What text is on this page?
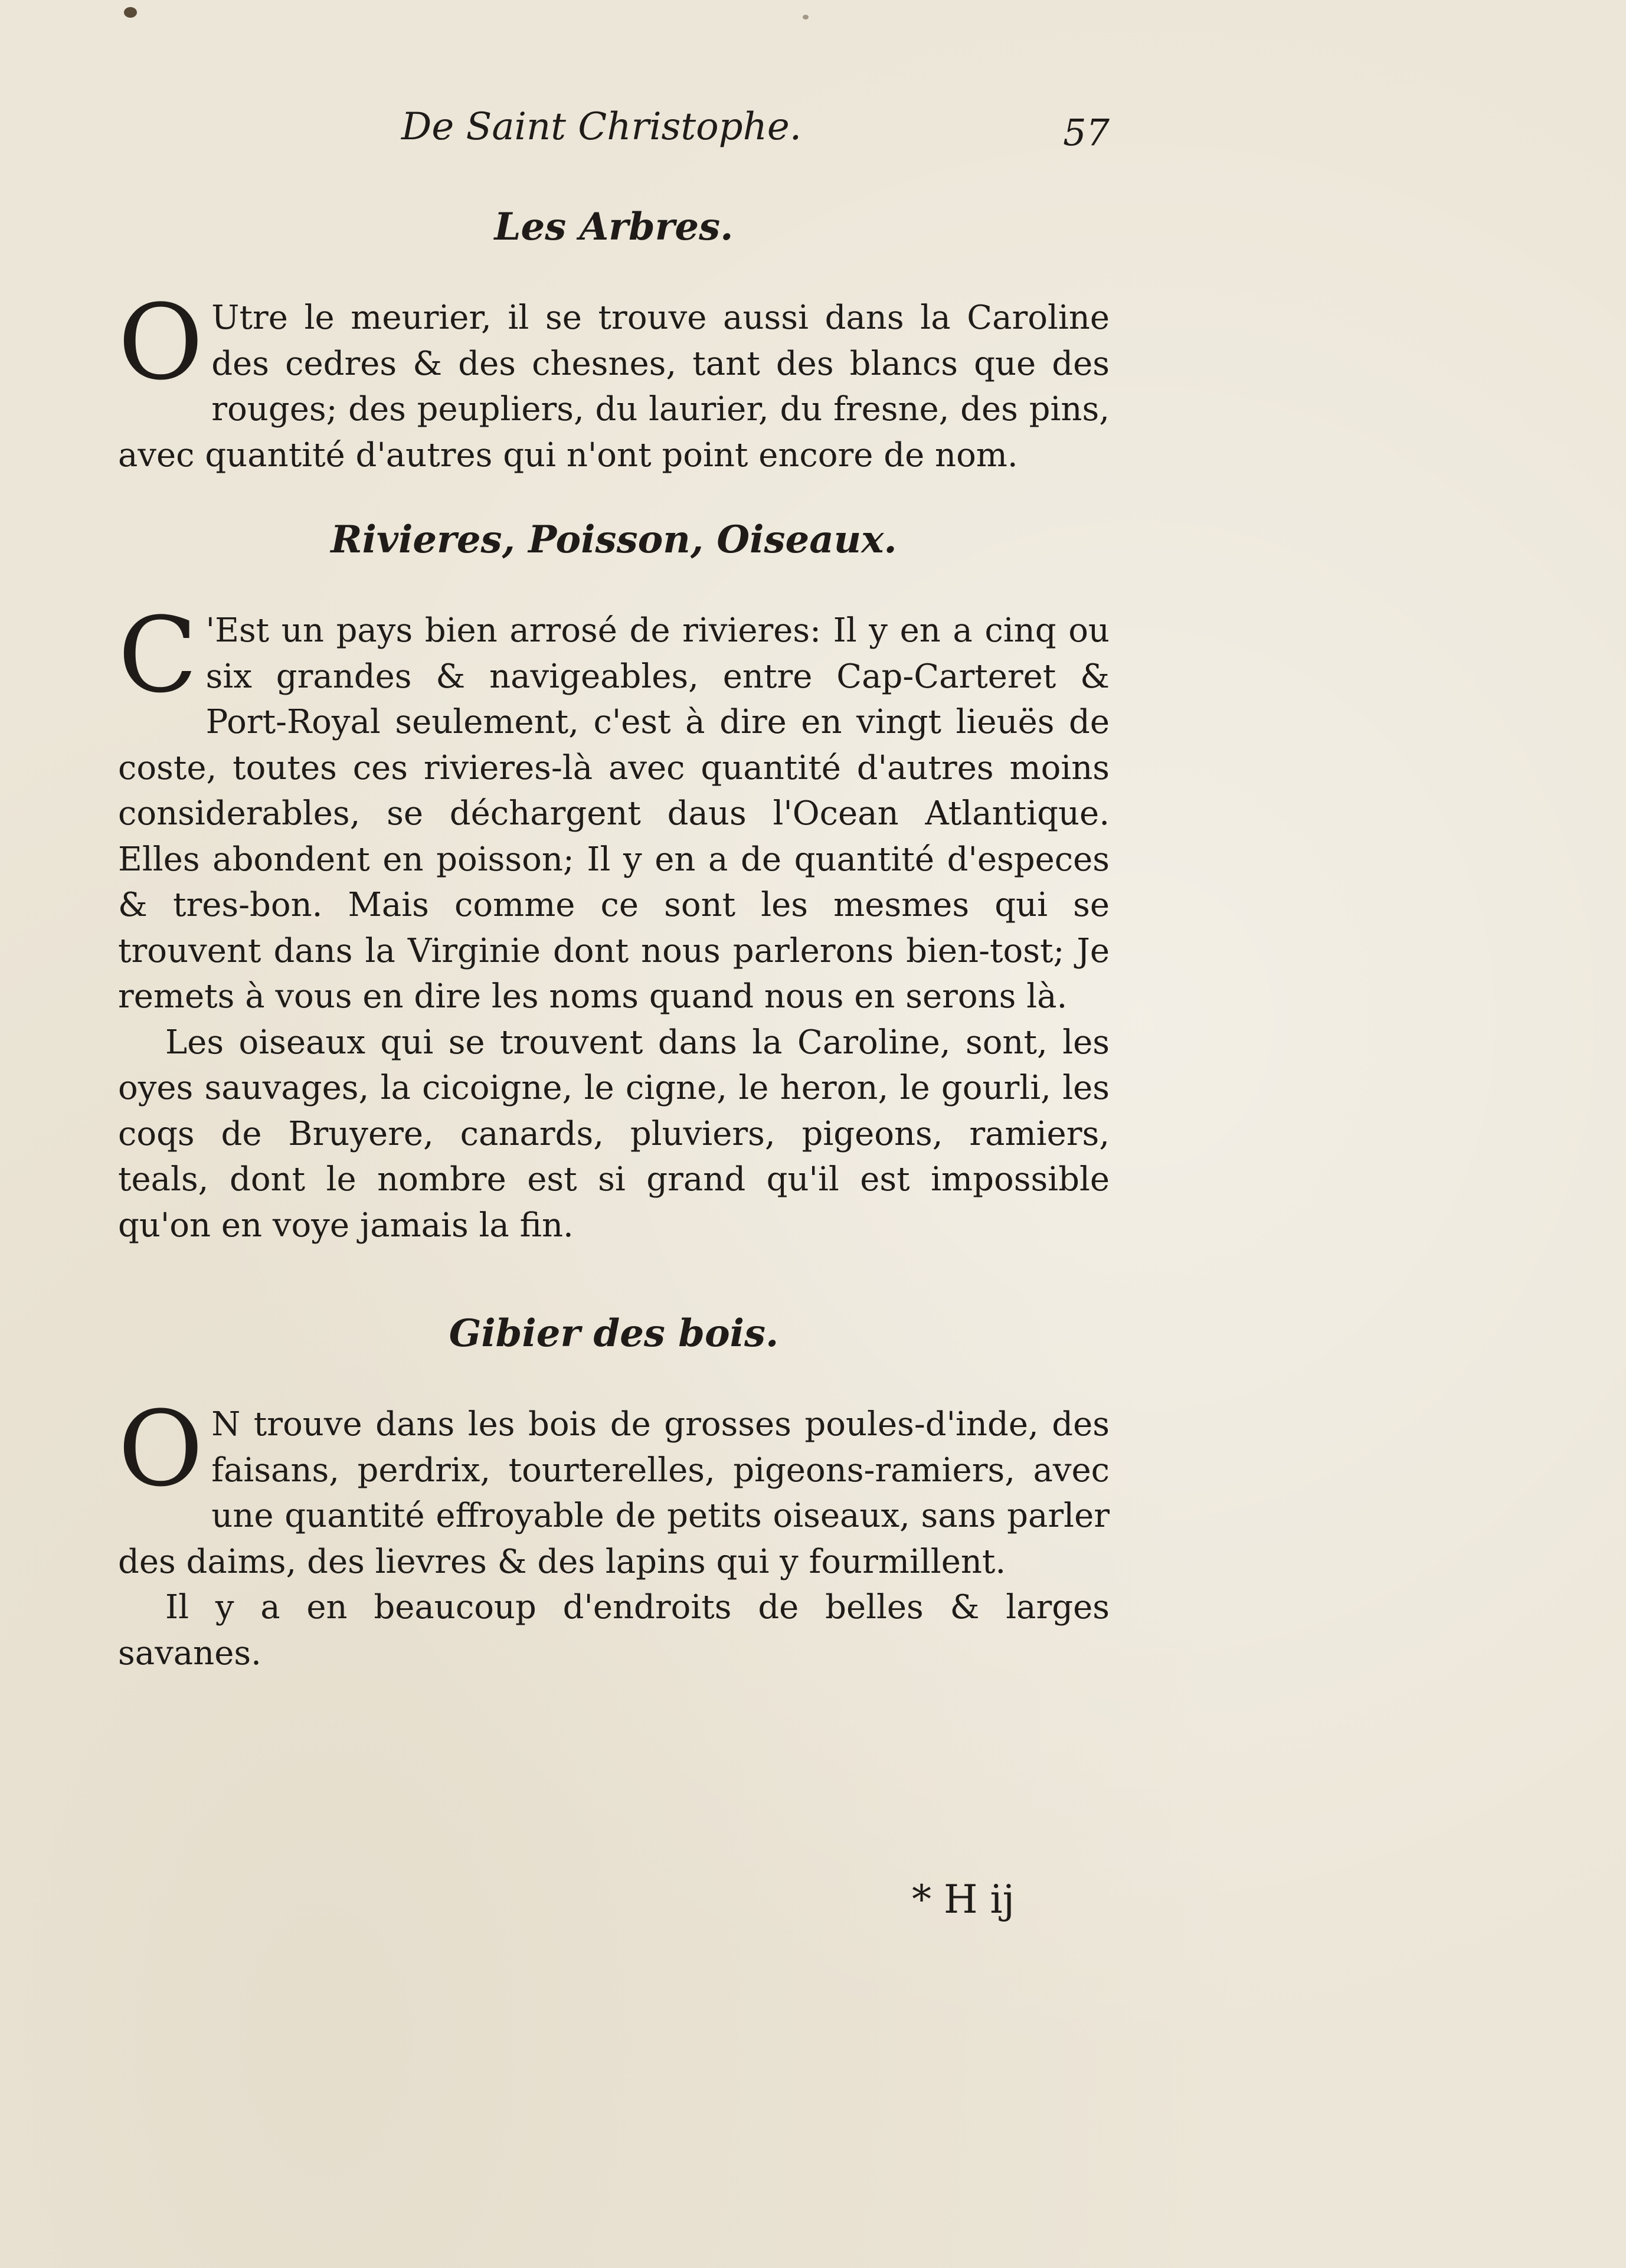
De Saint Christophe.	57
Les Arbres.

O Utre le meurier, il se trouve aussi dans la Caroline des cedres & des chesnes, tant des blancs que des rouges; des peupliers, du laurier, du fresne, des pins, avec quantité d'autres qui n'ont point encore de nom.

Rivieres, Poisson, Oiseaux.

C 'Est un pays bien arrosé de rivieres: Il y en a cinq ou six grandes & navigeables, entre Cap-Carteret & Port-Royal seulement, c'est à dire en vingt lieuës de coste, toutes ces rivieres-là avec quantité d'autres moins considerables, se déchargent daus l'Ocean Atlantique. Elles abondent en poisson; Il y en a de quantité d'especes & tres-bon. Mais comme ce sont les mesmes qui se trouvent dans la Virginie dont nous parlerons bien-tost; Je remets à vous en dire les noms quand nous en serons là.

Les oiseaux qui se trouvent dans la Caroline, sont, les oyes sauvages, la cicoigne, le cigne, le heron, le gourli, les coqs de Bruyere, canards, pluviers, pigeons, ramiers, teals, dont le nombre est si grand qu'il est impossible qu'on en voye jamais la fin.

Gibier des bois.

O N trouve dans les bois de grosses poules-d'inde, des faisans, perdrix, tourterelles, pigeons-ramiers, avec une quantité effroyable de petits oiseaux, sans parler des daims, des lievres & des lapins qui y fourmillent.

Il y a en beaucoup d'endroits de belles & larges savanes.

* H ij
